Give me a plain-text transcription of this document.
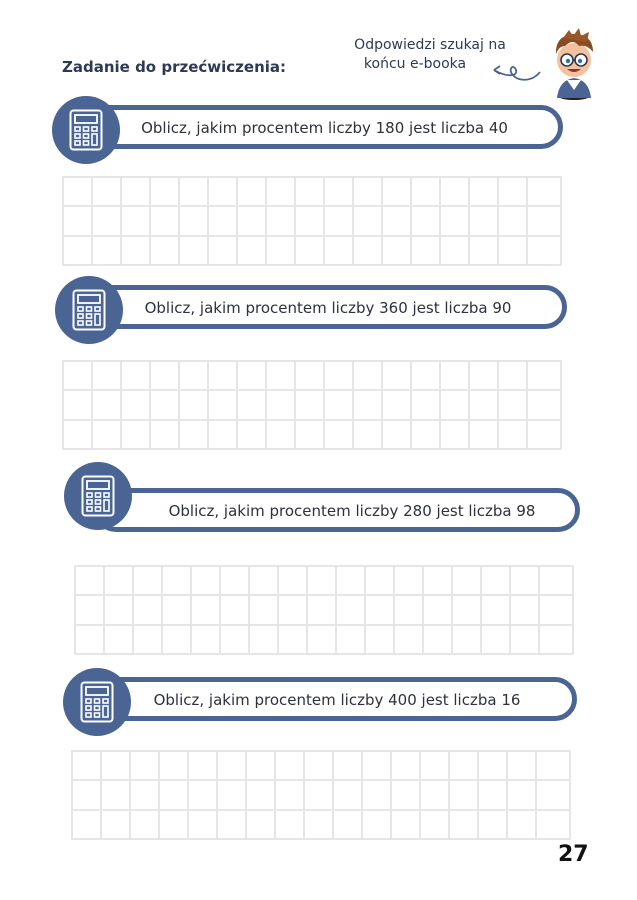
Zadanie do przećwiczenia:
Odpowiedzi szukaj na
końcu e-booka
Oblicz, jakim procentem liczby 180 jest liczba 40
Oblicz, jakim procentem liczby 360 jest liczba 90
Oblicz, jakim procentem liczby 280 jest liczba 98
Oblicz, jakim procentem liczby 400 jest liczba 16
27
